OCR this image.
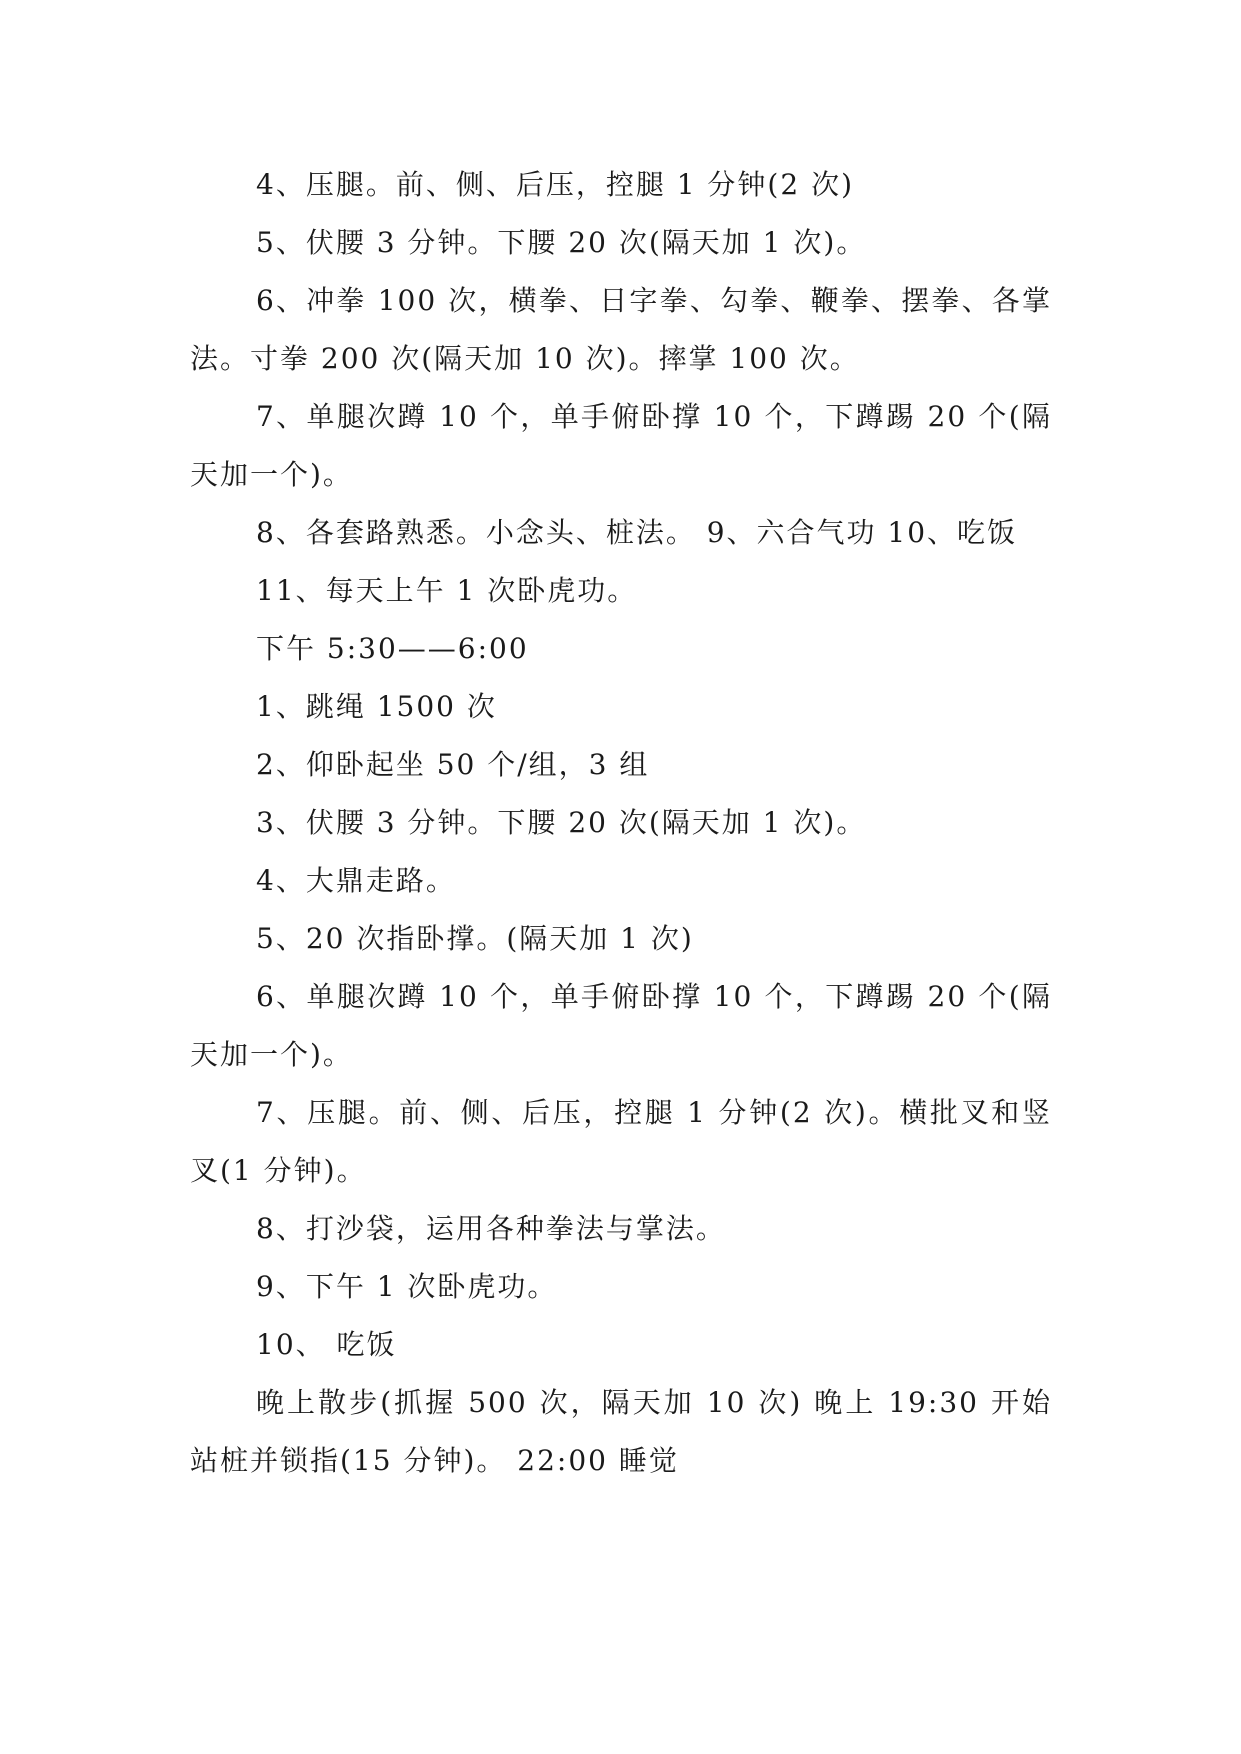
4、压腿。前、侧、后压，控腿 1 分钟(2 次)

5、伏腰 3 分钟。下腰 20 次(隔天加 1 次)。

6、冲拳 100 次，横拳、日字拳、勾拳、鞭拳、摆拳、各掌法。寸拳 200 次(隔天加 10 次)。摔掌 100 次。

7、单腿次蹲 10 个，单手俯卧撑 10 个，下蹲踢 20 个(隔天加一个)。

8、各套路熟悉。小念头、桩法。 9、六合气功 10、吃饭

11、每天上午 1 次卧虎功。

下午 5:30——6:00

1、跳绳 1500 次

2、仰卧起坐 50 个/组，3 组

3、伏腰 3 分钟。下腰 20 次(隔天加 1 次)。

4、大鼎走路。

5、20 次指卧撑。(隔天加 1 次)

6、单腿次蹲 10 个，单手俯卧撑 10 个，下蹲踢 20 个(隔天加一个)。

7、压腿。前、侧、后压，控腿 1 分钟(2 次)。横批叉和竖叉(1 分钟)。

8、打沙袋，运用各种拳法与掌法。

9、下午 1 次卧虎功。

10、 吃饭

晚上散步(抓握 500 次，隔天加 10 次) 晚上 19:30 开始站桩并锁指(15 分钟)。 22:00 睡觉
